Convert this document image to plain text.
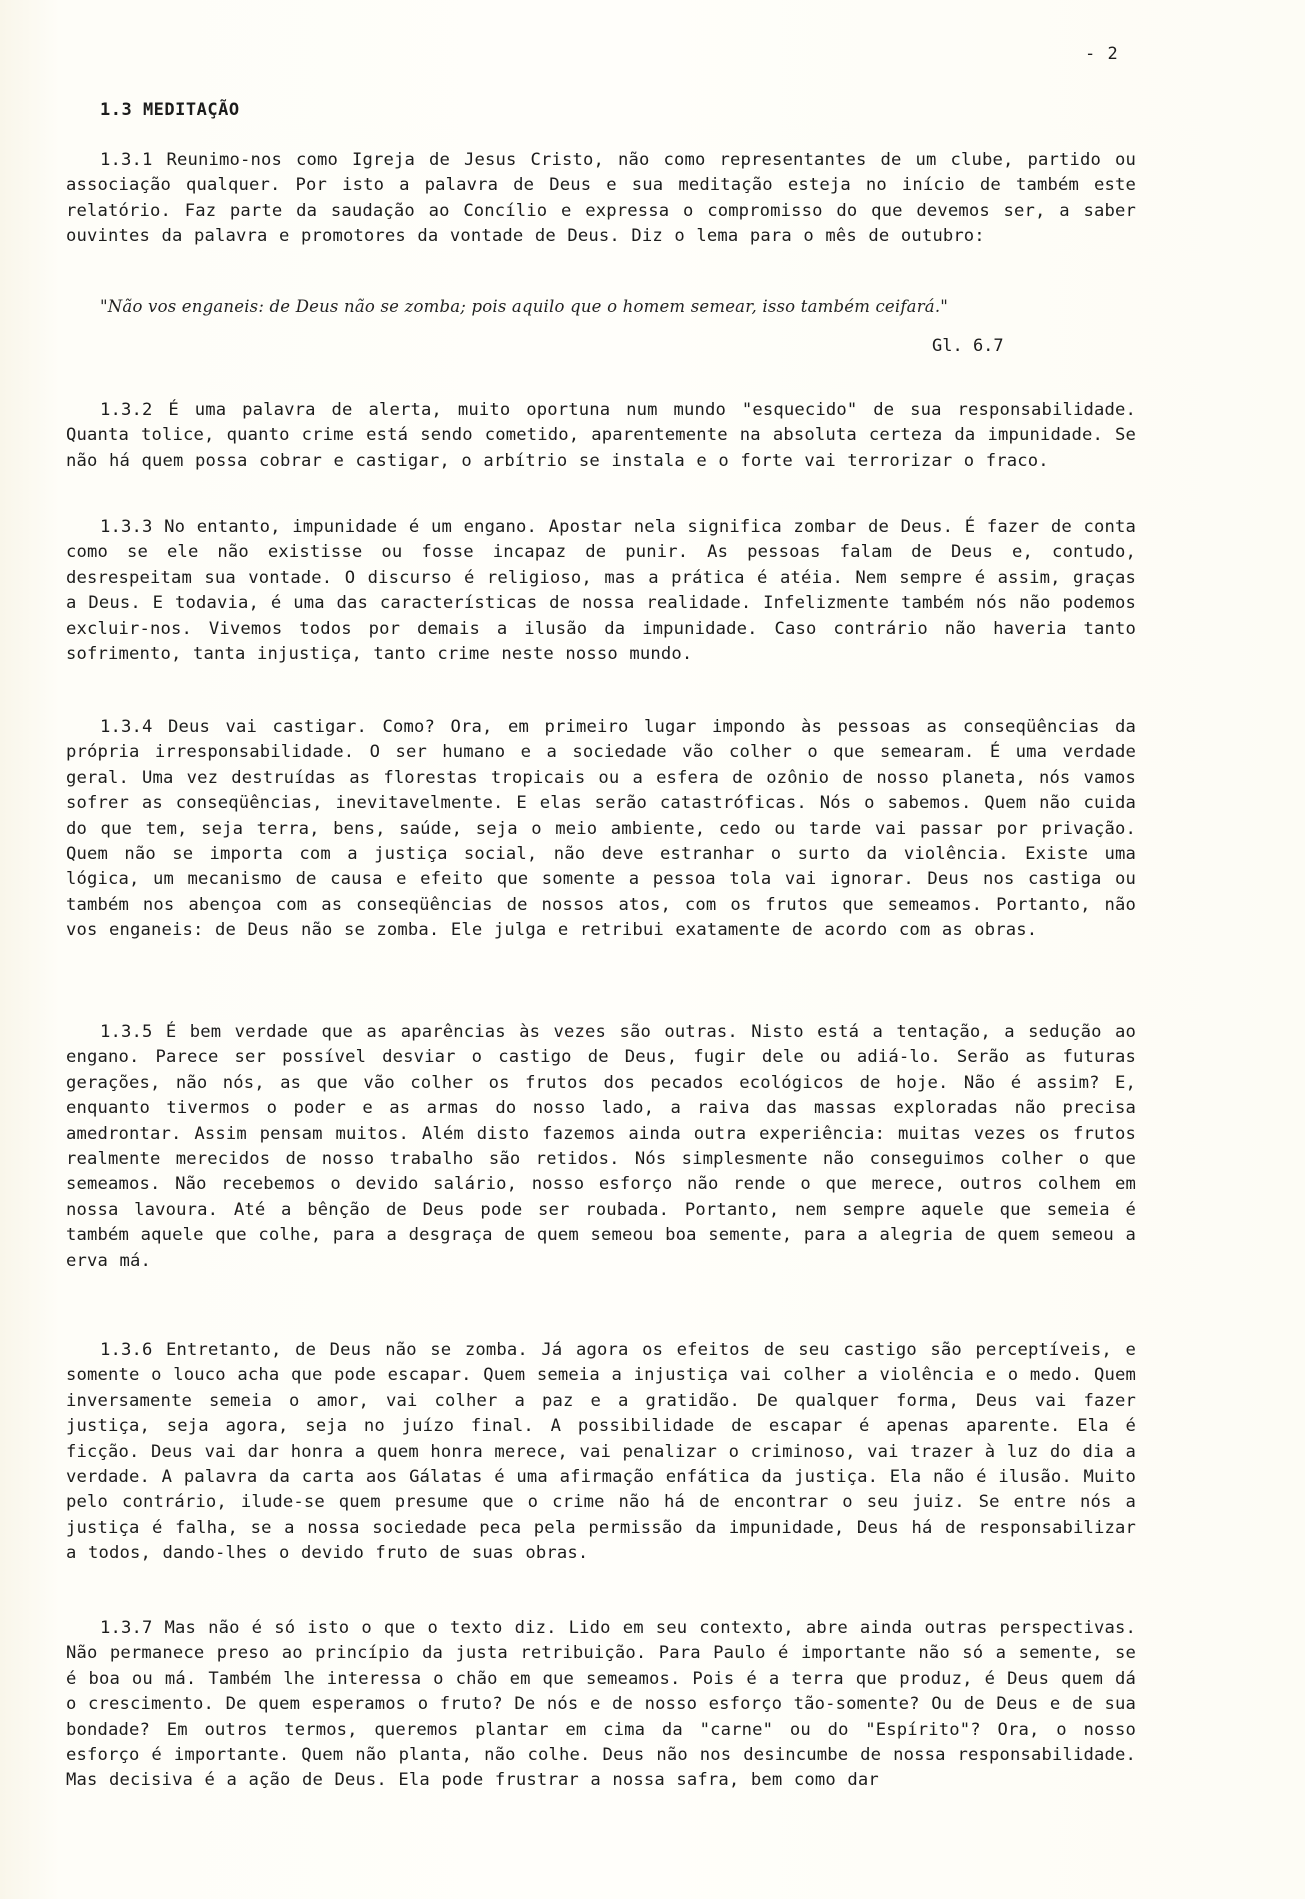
- 2
1.3 MEDITAÇÃO
1.3.1 Reunimo-nos como Igreja de Jesus Cristo, não como representantes de um clube, partido ou associação qualquer. Por isto a palavra de Deus e sua meditação esteja no início de também este relatório. Faz parte da saudação ao Concílio e expressa o compromisso do que devemos ser, a saber ouvintes da palavra e promotores da vontade de Deus. Diz o lema para o mês de outubro:
"Não vos enganeis: de Deus não se zomba; pois aquilo que o homem semear, isso também ceifará."
Gl. 6.7
1.3.2 É uma palavra de alerta, muito oportuna num mundo "esquecido" de sua responsabilidade. Quanta tolice, quanto crime está sendo cometido, aparentemente na absoluta certeza da impunidade. Se não há quem possa cobrar e castigar, o arbítrio se instala e o forte vai terrorizar o fraco.
1.3.3 No entanto, impunidade é um engano. Apostar nela significa zombar de Deus. É fazer de conta como se ele não existisse ou fosse incapaz de punir. As pessoas falam de Deus e, contudo, desrespeitam sua vontade. O discurso é religioso, mas a prática é atéia. Nem sempre é assim, graças a Deus. E todavia, é uma das características de nossa realidade. Infelizmente também nós não podemos excluir-nos. Vivemos todos por demais a ilusão da impunidade. Caso contrário não haveria tanto sofrimento, tanta injustiça, tanto crime neste nosso mundo.
1.3.4 Deus vai castigar. Como? Ora, em primeiro lugar impondo às pessoas as conseqüências da própria irresponsabilidade. O ser humano e a sociedade vão colher o que semearam. É uma verdade geral. Uma vez destruídas as florestas tropicais ou a esfera de ozônio de nosso planeta, nós vamos sofrer as conseqüências, inevitavelmente. E elas serão catastróficas. Nós o sabemos. Quem não cuida do que tem, seja terra, bens, saúde, seja o meio ambiente, cedo ou tarde vai passar por privação. Quem não se importa com a justiça social, não deve estranhar o surto da violência. Existe uma lógica, um mecanismo de causa e efeito que somente a pessoa tola vai ignorar. Deus nos castiga ou também nos abençoa com as conseqüências de nossos atos, com os frutos que semeamos. Portanto, não vos enganeis: de Deus não se zomba. Ele julga e retribui exatamente de acordo com as obras.
1.3.5 É bem verdade que as aparências às vezes são outras. Nisto está a tentação, a sedução ao engano. Parece ser possível desviar o castigo de Deus, fugir dele ou adiá-lo. Serão as futuras gerações, não nós, as que vão colher os frutos dos pecados ecológicos de hoje. Não é assim? E, enquanto tivermos o poder e as armas do nosso lado, a raiva das massas exploradas não precisa amedrontar. Assim pensam muitos. Além disto fazemos ainda outra experiência: muitas vezes os frutos realmente merecidos de nosso trabalho são retidos. Nós simplesmente não conseguimos colher o que semeamos. Não recebemos o devido salário, nosso esforço não rende o que merece, outros colhem em nossa lavoura. Até a bênção de Deus pode ser roubada. Portanto, nem sempre aquele que semeia é também aquele que colhe, para a desgraça de quem semeou boa semente, para a alegria de quem semeou a erva má.
1.3.6 Entretanto, de Deus não se zomba. Já agora os efeitos de seu castigo são perceptíveis, e somente o louco acha que pode escapar. Quem semeia a injustiça vai colher a violência e o medo. Quem inversamente semeia o amor, vai colher a paz e a gratidão. De qualquer forma, Deus vai fazer justiça, seja agora, seja no juízo final. A possibilidade de escapar é apenas aparente. Ela é ficção. Deus vai dar honra a quem honra merece, vai penalizar o criminoso, vai trazer à luz do dia a verdade. A palavra da carta aos Gálatas é uma afirmação enfática da justiça. Ela não é ilusão. Muito pelo contrário, ilude-se quem presume que o crime não há de encontrar o seu juiz. Se entre nós a justiça é falha, se a nossa sociedade peca pela permissão da impunidade, Deus há de responsabilizar a todos, dando-lhes o devido fruto de suas obras.
1.3.7 Mas não é só isto o que o texto diz. Lido em seu contexto, abre ainda outras perspectivas. Não permanece preso ao princípio da justa retribuição. Para Paulo é importante não só a semente, se é boa ou má. Também lhe interessa o chão em que semeamos. Pois é a terra que produz, é Deus quem dá o crescimento. De quem esperamos o fruto? De nós e de nosso esforço tão-somente? Ou de Deus e de sua bondade? Em outros termos, queremos plantar em cima da "carne" ou do "Espírito"? Ora, o nosso esforço é importante. Quem não planta, não colhe. Deus não nos desincumbe de nossa responsabilidade. Mas decisiva é a ação de Deus. Ela pode frustrar a nossa safra, bem como dar
